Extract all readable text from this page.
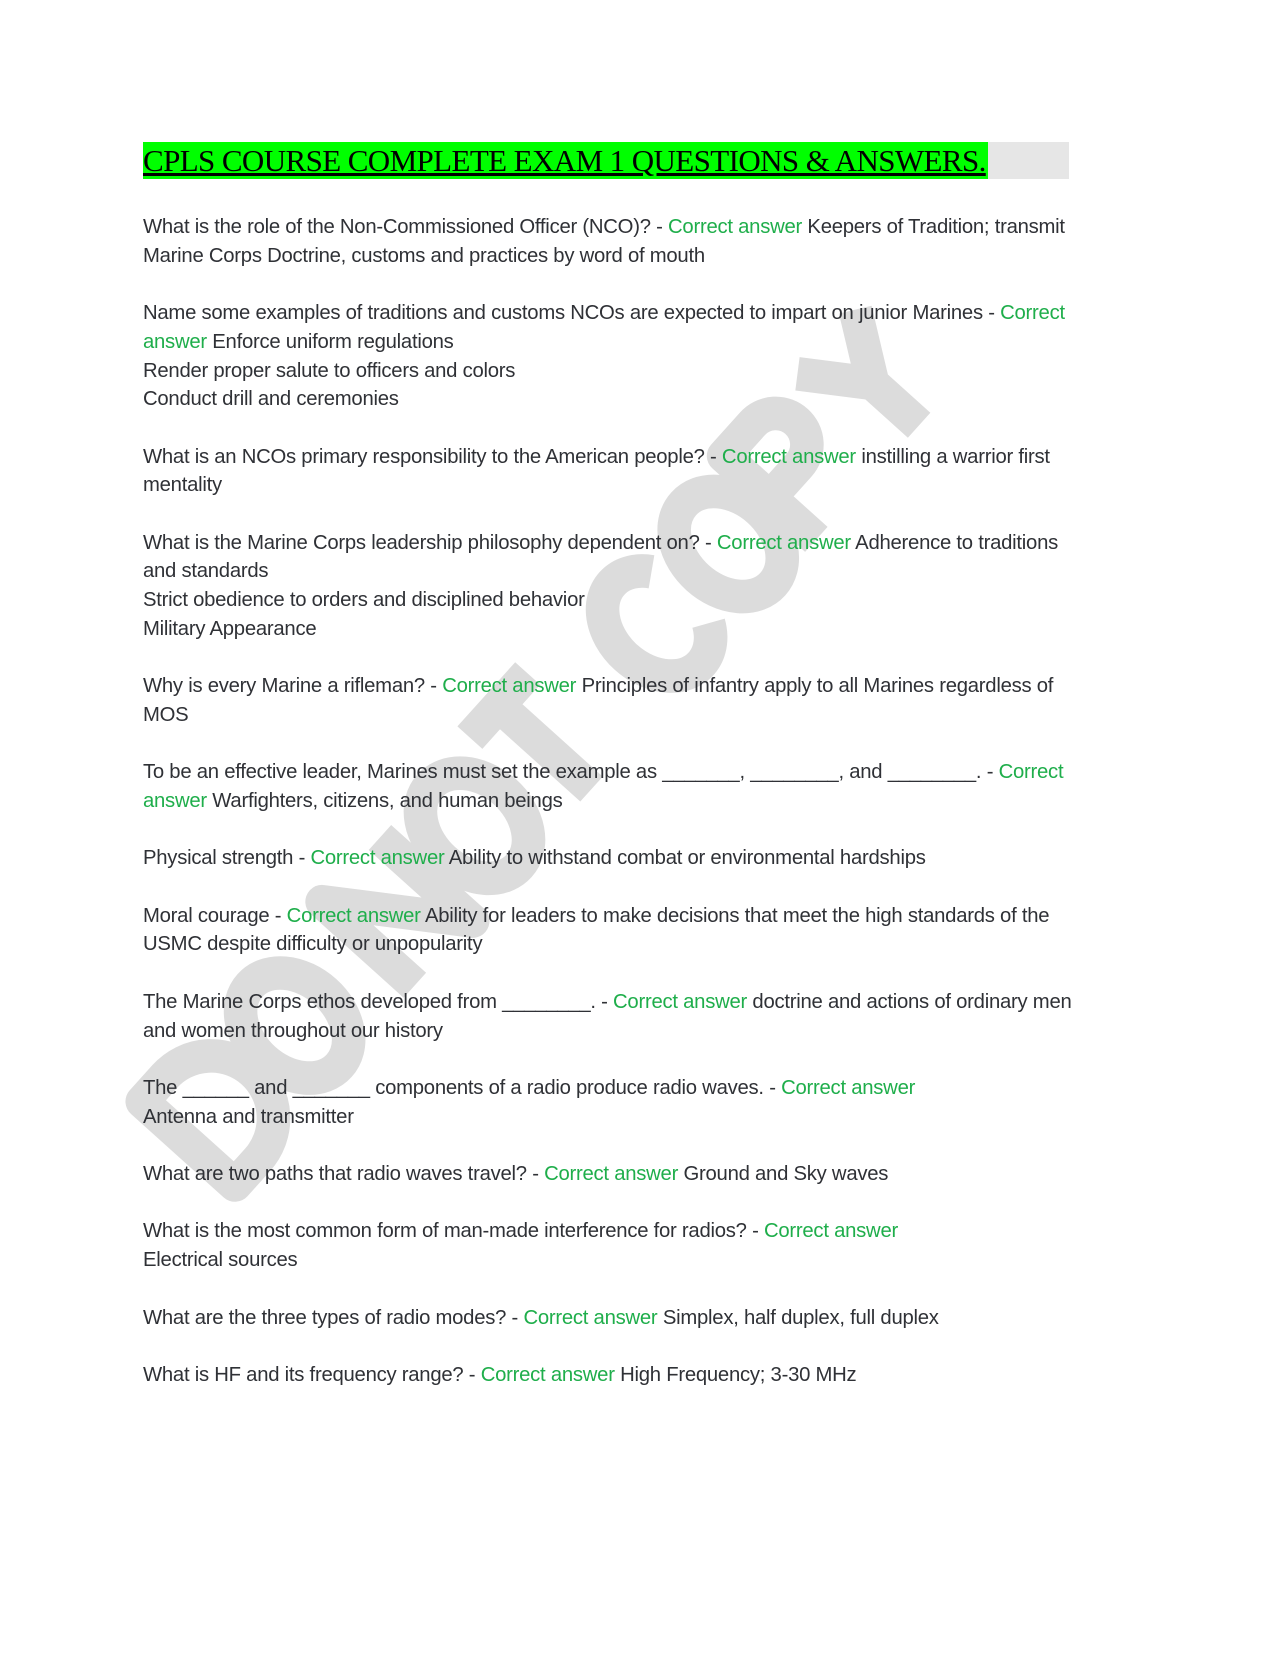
CPLS COURSE COMPLETE EXAM 1 QUESTIONS & ANSWERS.
What is the role of the Non-Commissioned Officer (NCO)? - Correct answer Keepers of Tradition; transmit Marine Corps Doctrine, customs and practices by word of mouth
Name some examples of traditions and customs NCOs are expected to impart on junior Marines - Correct answer Enforce uniform regulations
Render proper salute to officers and colors
Conduct drill and ceremonies
What is an NCOs primary responsibility to the American people? - Correct answer instilling a warrior first mentality
What is the Marine Corps leadership philosophy dependent on? - Correct answer Adherence to traditions and standards
Strict obedience to orders and disciplined behavior
Military Appearance
Why is every Marine a rifleman? - Correct answer Principles of infantry apply to all Marines regardless of MOS
To be an effective leader, Marines must set the example as _______, ________, and ________. - Correct answer Warfighters, citizens, and human beings
Physical strength - Correct answer Ability to withstand combat or environmental hardships
Moral courage - Correct answer Ability for leaders to make decisions that meet the high standards of the USMC despite difficulty or unpopularity
The Marine Corps ethos developed from ________. - Correct answer doctrine and actions of ordinary men and women throughout our history
The ______ and _______ components of a radio produce radio waves. - Correct answer
Antenna and transmitter
What are two paths that radio waves travel? - Correct answer Ground and Sky waves
What is the most common form of man-made interference for radios? - Correct answer
Electrical sources
What are the three types of radio modes? - Correct answer Simplex, half duplex, full duplex
What is HF and its frequency range? - Correct answer High Frequency; 3-30 MHz
